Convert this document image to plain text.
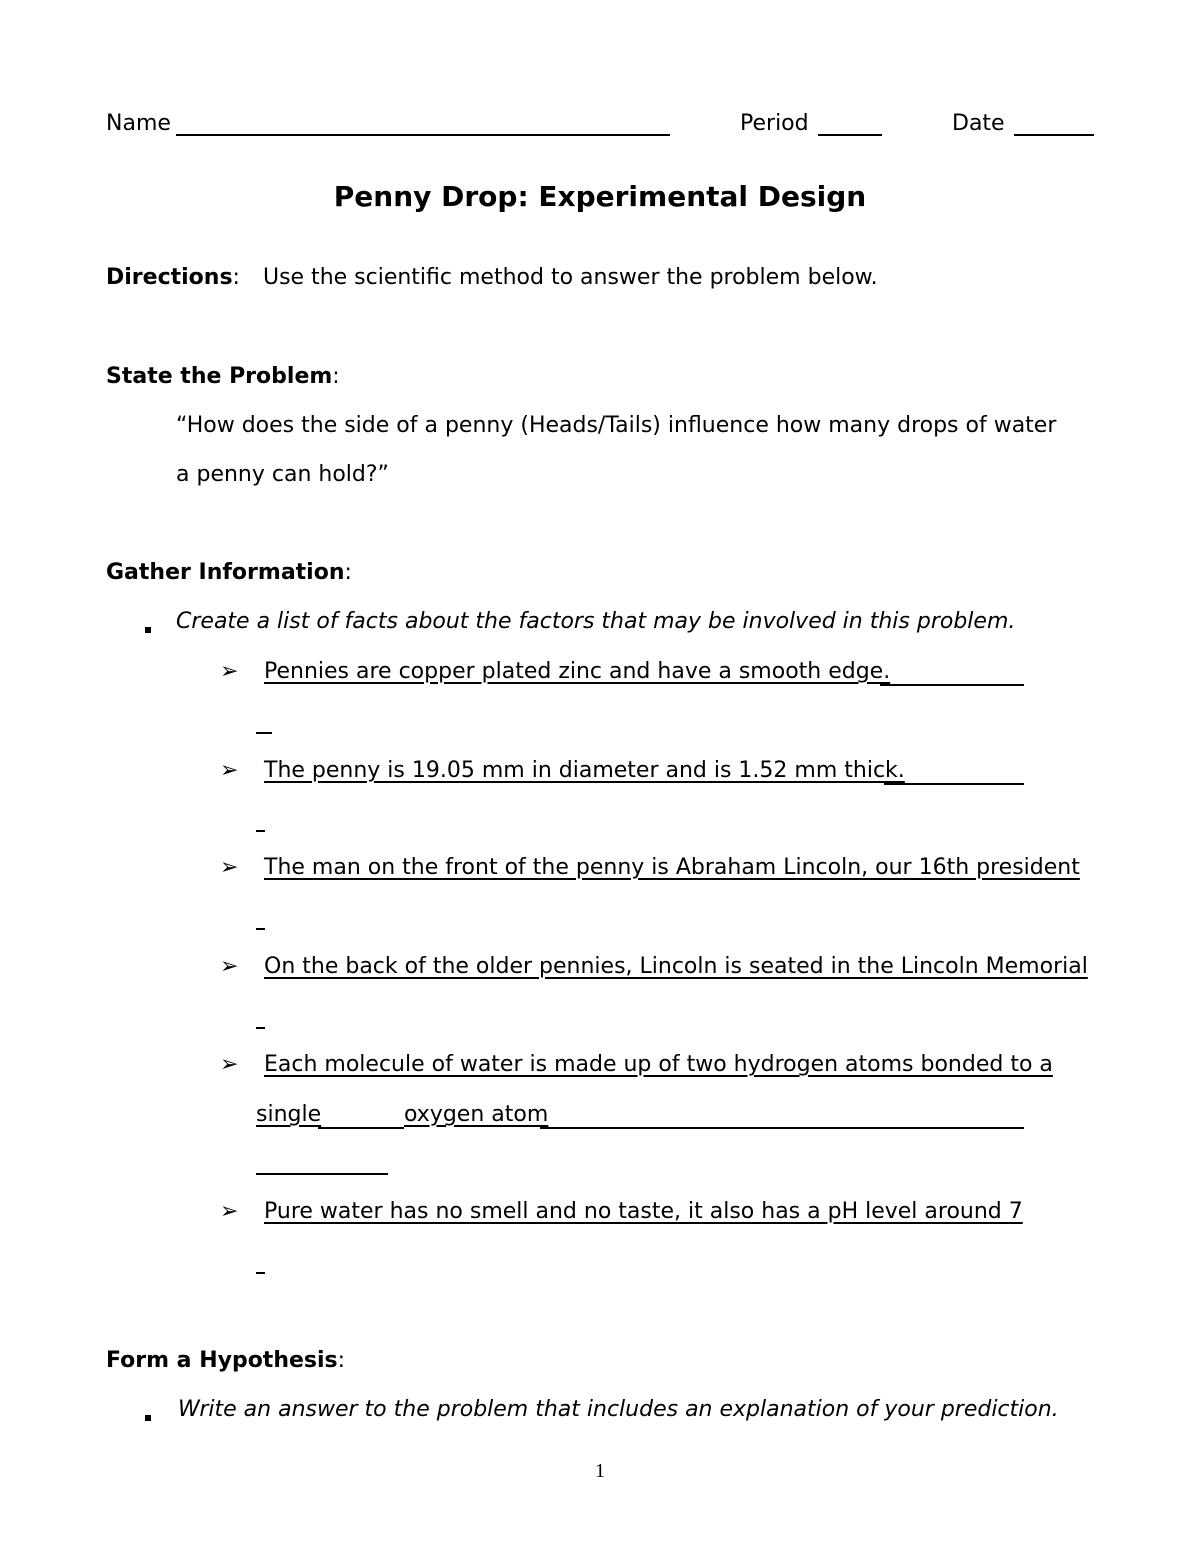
Name	Period	Date
Penny Drop: Experimental Design
Directions: Use the scientific method to answer the problem below.
State the Problem:
“How does the side of a penny (Heads/Tails) influence how many drops of water
a penny can hold?”
Gather Information:
Create a list of facts about the factors that may be involved in this problem.
➢ Pennies are copper plated zinc and have a smooth edge.
➢ The penny is 19.05 mm in diameter and is 1.52 mm thick.
➢ The man on the front of the penny is Abraham Lincoln, our 16th president
➢ On the back of the older pennies, Lincoln is seated in the Lincoln Memorial
➢ Each molecule of water is made up of two hydrogen atoms bonded to a
single	oxygen atom
➢ Pure water has no smell and no taste, it also has a pH level around 7
Form a Hypothesis:
Write an answer to the problem that includes an explanation of your prediction.
1
